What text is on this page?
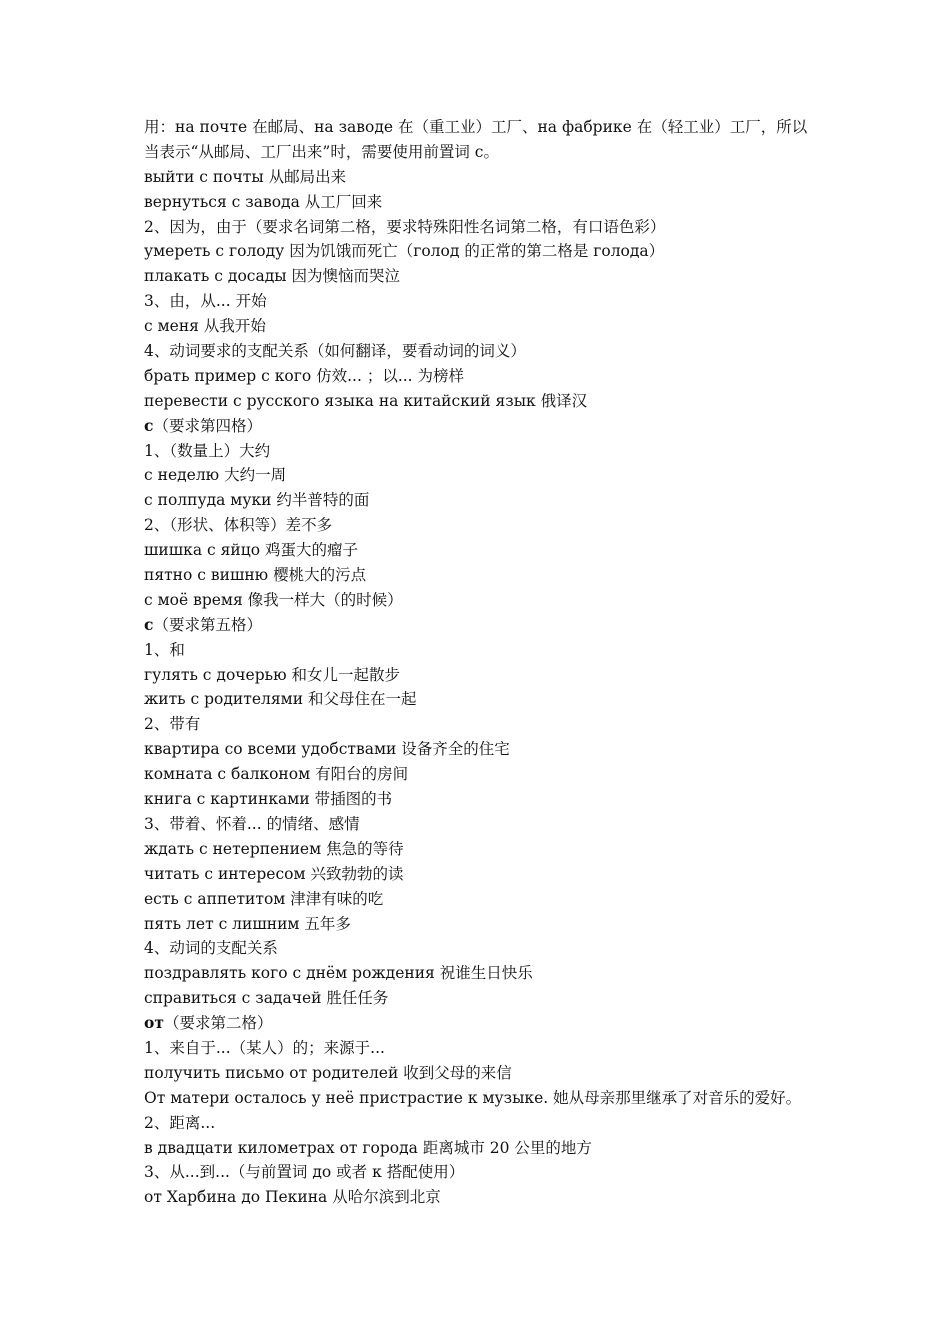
用：на почте 在邮局、на заводе 在（重工业）工厂、на фабрике 在（轻工业）工厂，所以
当表示“从邮局、工厂出来”时，需要使用前置词 с。
выйти с почты 从邮局出来
вернуться с завода 从工厂回来
2、因为，由于（要求名词第二格，要求特殊阳性名词第二格，有口语色彩）
умереть с голоду 因为饥饿而死亡（голод 的正常的第二格是 голода）
плакать с досады 因为懊恼而哭泣
3、由，从... 开始
с меня 从我开始
4、动词要求的支配关系（如何翻译，要看动词的词义）
брать пример с кого 仿效... ；以... 为榜样
перевести с русского языка на китайский язык 俄译汉
с（要求第四格）
1、（数量上）大约
с неделю 大约一周
с полпуда муки 约半普特的面
2、（形状、体积等）差不多
шишка с яйцо 鸡蛋大的瘤子
пятно с вишню 樱桃大的污点
с моё время 像我一样大（的时候）
с（要求第五格）
1、和
гулять с дочерью 和女儿一起散步
жить с родителями 和父母住在一起
2、带有
квартира со всеми удобствами 设备齐全的住宅
комната с балконом 有阳台的房间
книга с картинками 带插图的书
3、带着、怀着... 的情绪、感情
ждать с нетерпением 焦急的等待
читать с интересом 兴致勃勃的读
есть с аппетитом 津津有味的吃
пять лет с лишним 五年多
4、动词的支配关系
поздравлять кого с днём рождения 祝谁生日快乐
справиться с задачей 胜任任务
от（要求第二格）
1、来自于...（某人）的；来源于...
получить письмо от родителей 收到父母的来信
От матери осталось у неё пристрастие к музыке. 她从母亲那里继承了对音乐的爱好。
2、距离...
в двадцати километрах от города 距离城市 20 公里的地方
3、从...到...（与前置词 до 或者 к 搭配使用）
от Харбина до Пекина 从哈尔滨到北京
